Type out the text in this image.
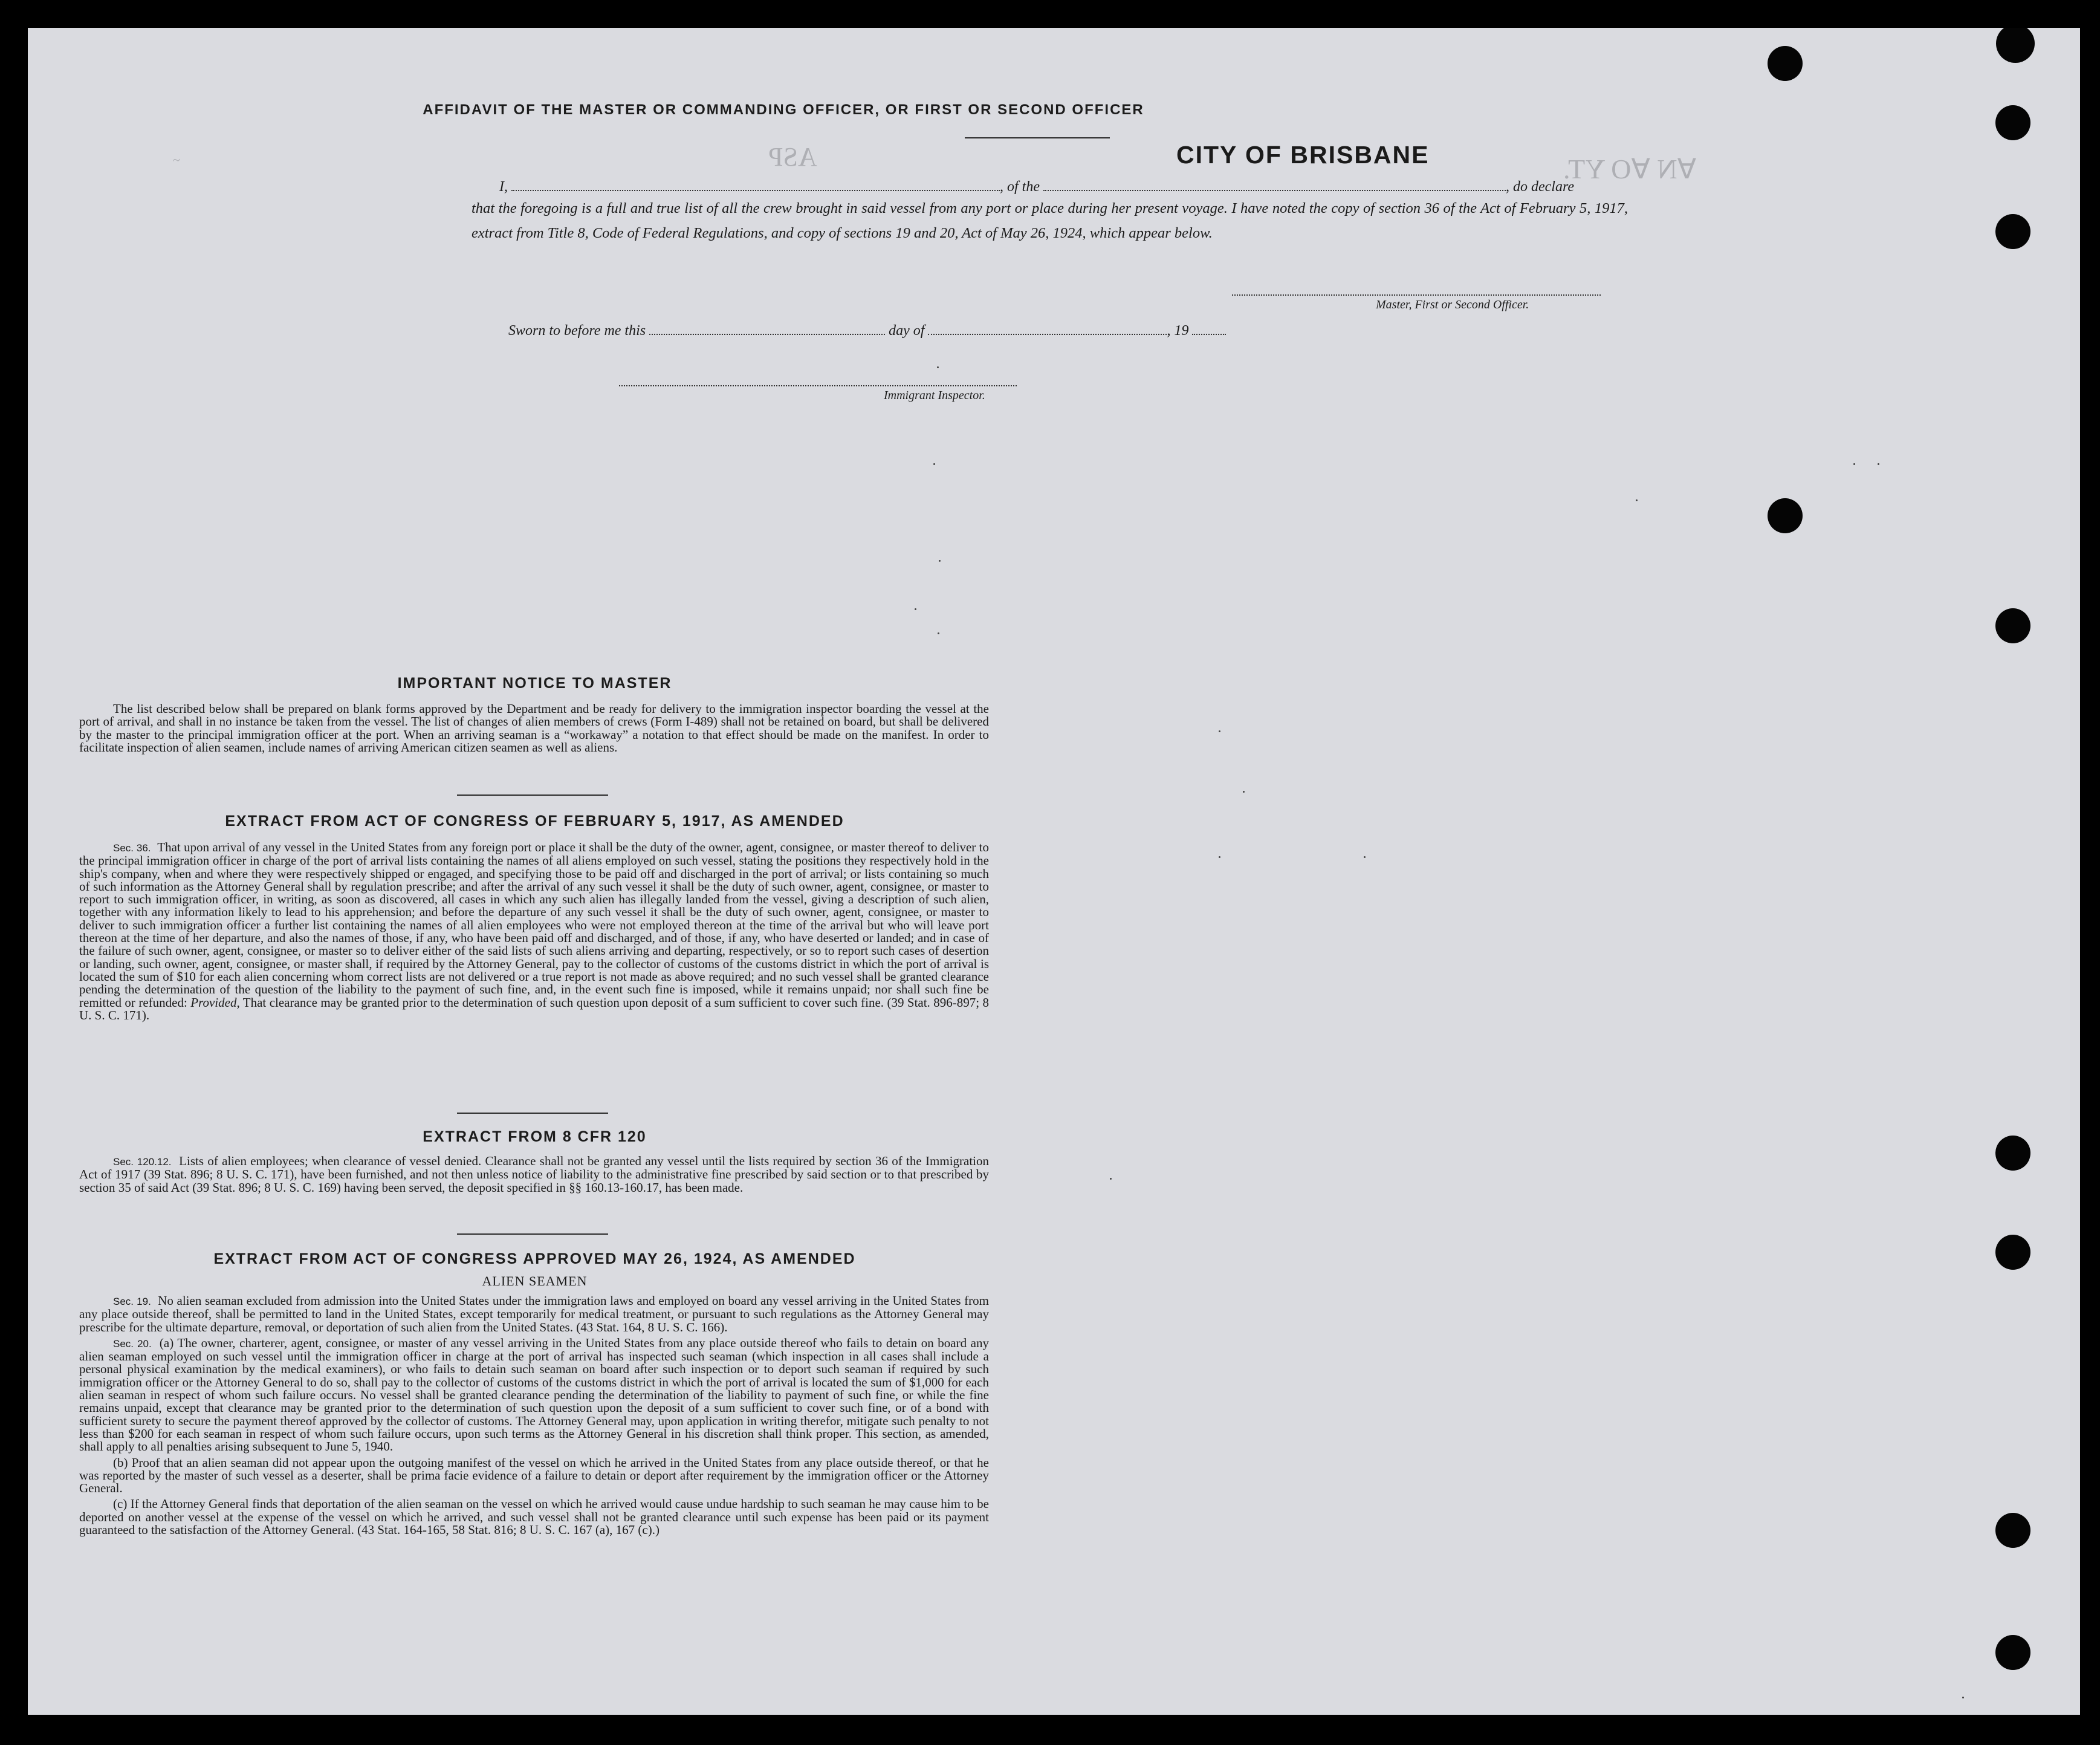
ASP	∀N ∀O YT.
~
AFFIDAVIT OF THE MASTER OR COMMANDING OFFICER, OR FIRST OR SECOND OFFICER
I,	, of the	, do declare
CITY OF BRISBANE
that the foregoing is a full and true list of all the crew brought in said vessel from any port or place during her present voyage. I have noted the copy of section 36 of the Act of February 5, 1917, extract from Title 8, Code of Federal Regulations, and copy of sections 19 and 20, Act of May 26, 1924, which appear below.
Master, First or Second Officer.
Sworn to before me this	day of	, 19
Immigrant Inspector.
IMPORTANT NOTICE TO MASTER

The list described below shall be prepared on blank forms approved by the Department and be ready for delivery to the immigration inspector boarding the vessel at the port of arrival, and shall in no instance be taken from the vessel. The list of changes of alien members of crews (Form I-489) shall not be retained on board, but shall be delivered by the master to the principal immigration officer at the port. When an arriving seaman is a “workaway” a notation to that effect should be made on the manifest. In order to facilitate inspection of alien seamen, include names of arriving American citizen seamen as well as aliens.

EXTRACT FROM ACT OF CONGRESS OF FEBRUARY 5, 1917, AS AMENDED

Sec. 36. That upon arrival of any vessel in the United States from any foreign port or place it shall be the duty of the owner, agent, consignee, or master thereof to deliver to the principal immigration officer in charge of the port of arrival lists containing the names of all aliens employed on such vessel, stating the positions they respectively hold in the ship's company, when and where they were respectively shipped or engaged, and specifying those to be paid off and discharged in the port of arrival; or lists containing so much of such information as the Attorney General shall by regulation prescribe; and after the arrival of any such vessel it shall be the duty of such owner, agent, consignee, or master to report to such immigration officer, in writing, as soon as discovered, all cases in which any such alien has illegally landed from the vessel, giving a description of such alien, together with any information likely to lead to his apprehension; and before the departure of any such vessel it shall be the duty of such owner, agent, consignee, or master to deliver to such immigration officer a further list containing the names of all alien employees who were not employed thereon at the time of the arrival but who will leave port thereon at the time of her departure, and also the names of those, if any, who have been paid off and discharged, and of those, if any, who have deserted or landed; and in case of the failure of such owner, agent, consignee, or master so to deliver either of the said lists of such aliens arriving and departing, respectively, or so to report such cases of desertion or landing, such owner, agent, consignee, or master shall, if required by the Attorney General, pay to the collector of customs of the customs district in which the port of arrival is located the sum of $10 for each alien concerning whom correct lists are not delivered or a true report is not made as above required; and no such vessel shall be granted clearance pending the determination of the question of the liability to the payment of such fine, and, in the event such fine is imposed, while it remains unpaid; nor shall such fine be remitted or refunded: Provided, That clearance may be granted prior to the determination of such question upon deposit of a sum sufficient to cover such fine. (39 Stat. 896-897; 8 U. S. C. 171).

EXTRACT FROM 8 CFR 120

Sec. 120.12. Lists of alien employees; when clearance of vessel denied. Clearance shall not be granted any vessel until the lists required by section 36 of the Immigration Act of 1917 (39 Stat. 896; 8 U. S. C. 171), have been furnished, and not then unless notice of liability to the administrative fine prescribed by said section or to that prescribed by section 35 of said Act (39 Stat. 896; 8 U. S. C. 169) having been served, the deposit specified in §§ 160.13-160.17, has been made.

EXTRACT FROM ACT OF CONGRESS APPROVED MAY 26, 1924, AS AMENDED
ALIEN SEAMEN

Sec. 19. No alien seaman excluded from admission into the United States under the immigration laws and employed on board any vessel arriving in the United States from any place outside thereof, shall be permitted to land in the United States, except temporarily for medical treatment, or pursuant to such regulations as the Attorney General may prescribe for the ultimate departure, removal, or deportation of such alien from the United States. (43 Stat. 164, 8 U. S. C. 166).

Sec. 20. (a) The owner, charterer, agent, consignee, or master of any vessel arriving in the United States from any place outside thereof who fails to detain on board any alien seaman employed on such vessel until the immigration officer in charge at the port of arrival has inspected such seaman (which inspection in all cases shall include a personal physical examination by the medical examiners), or who fails to detain such seaman on board after such inspection or to deport such seaman if required by such immigration officer or the Attorney General to do so, shall pay to the collector of customs of the customs district in which the port of arrival is located the sum of $1,000 for each alien seaman in respect of whom such failure occurs. No vessel shall be granted clearance pending the determination of the liability to payment of such fine, or while the fine remains unpaid, except that clearance may be granted prior to the determination of such question upon the deposit of a sum sufficient to cover such fine, or of a bond with sufficient surety to secure the payment thereof approved by the collector of customs. The Attorney General may, upon application in writing therefor, mitigate such penalty to not less than $200 for each seaman in respect of whom such failure occurs, upon such terms as the Attorney General in his discretion shall think proper. This section, as amended, shall apply to all penalties arising subsequent to June 5, 1940.

(b) Proof that an alien seaman did not appear upon the outgoing manifest of the vessel on which he arrived in the United States from any place outside thereof, or that he was reported by the master of such vessel as a deserter, shall be prima facie evidence of a failure to detain or deport after requirement by the immigration officer or the Attorney General.

(c) If the Attorney General finds that deportation of the alien seaman on the vessel on which he arrived would cause undue hardship to such seaman he may cause him to be deported on another vessel at the expense of the vessel on which he arrived, and such vessel shall not be granted clearance until such expense has been paid or its payment guaranteed to the satisfaction of the Attorney General. (43 Stat. 164-165, 58 Stat. 816; 8 U. S. C. 167 (a), 167 (c).)
